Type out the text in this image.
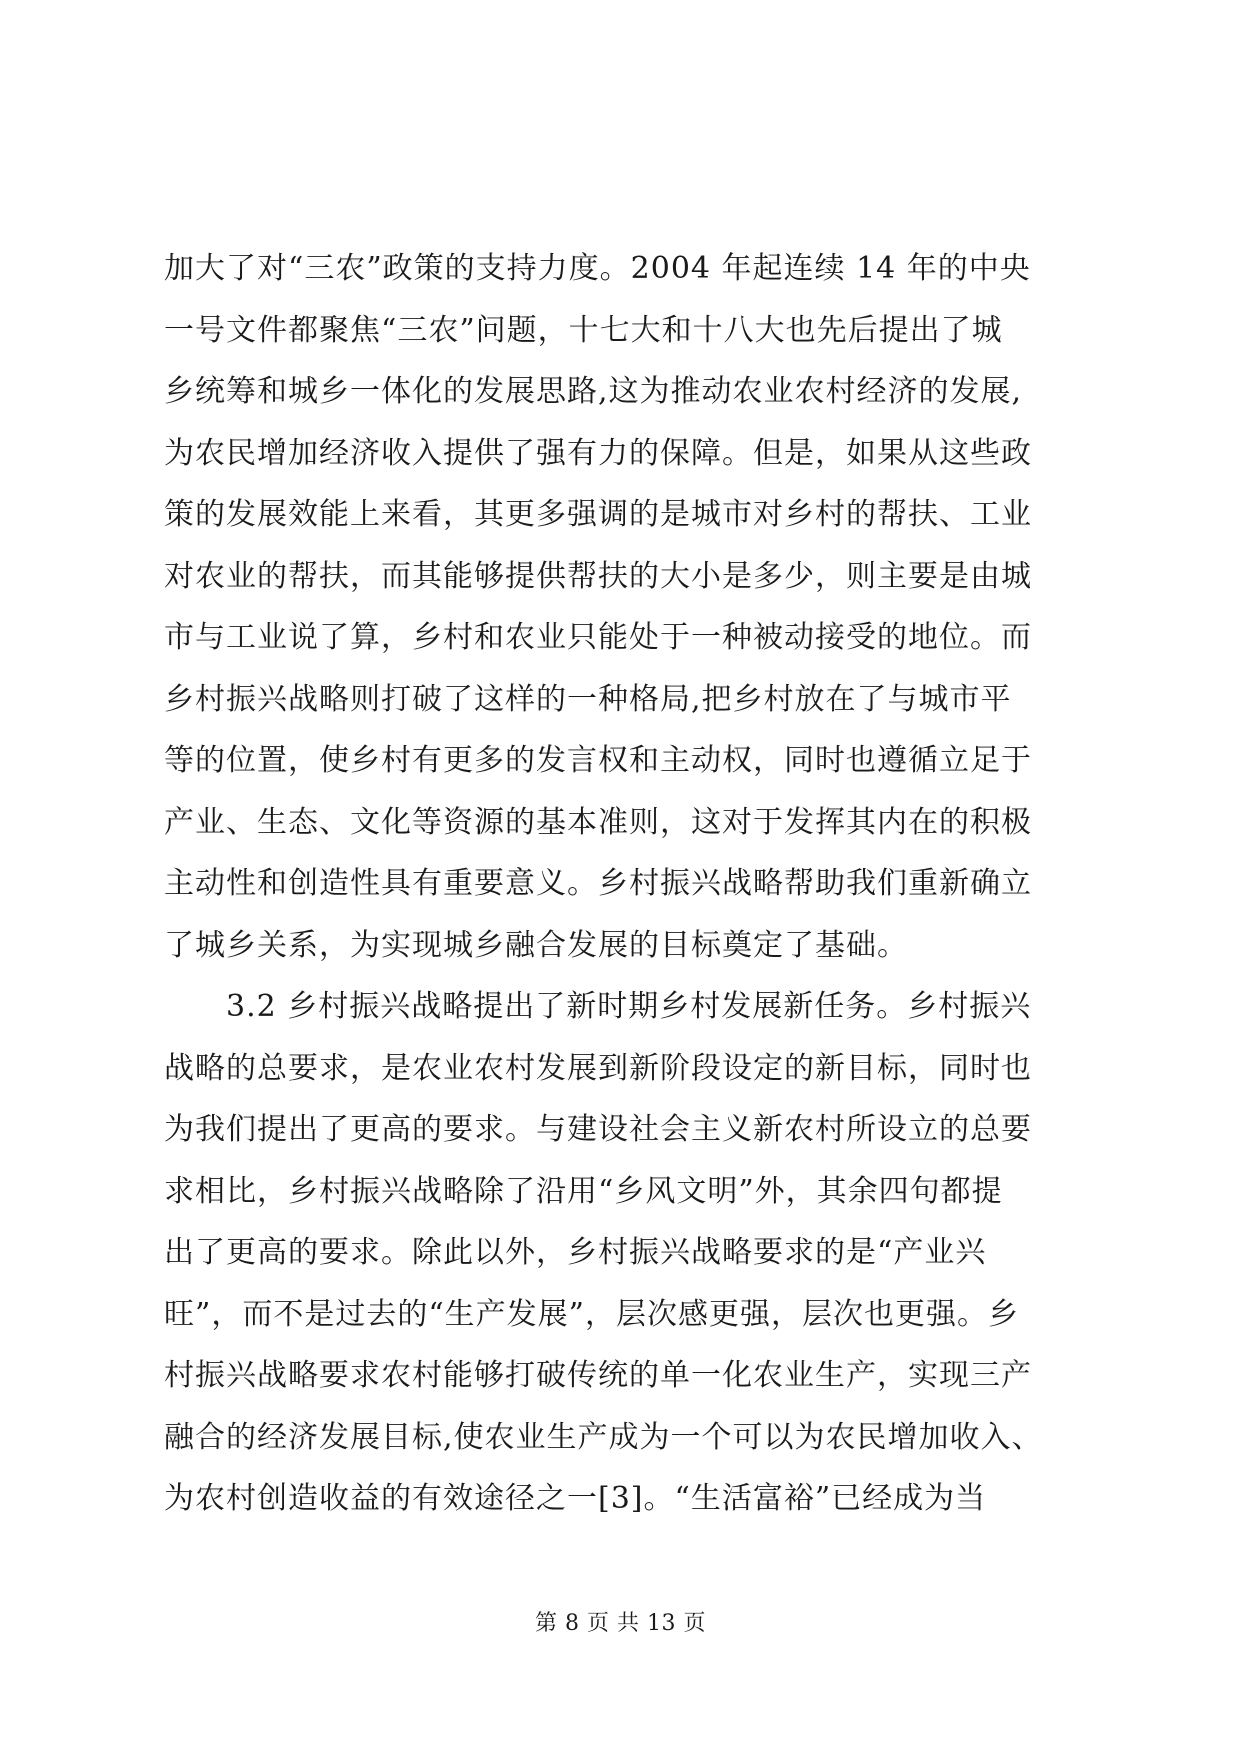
加大了对“三农”政策的支持力度。2004 年起连续 14 年的中央
一号文件都聚焦“三农”问题，十七大和十八大也先后提出了城
乡统筹和城乡一体化的发展思路,这为推动农业农村经济的发展,
为农民增加经济收入提供了强有力的保障。但是，如果从这些政
策的发展效能上来看，其更多强调的是城市对乡村的帮扶、工业
对农业的帮扶，而其能够提供帮扶的大小是多少，则主要是由城
市与工业说了算，乡村和农业只能处于一种被动接受的地位。而
乡村振兴战略则打破了这样的一种格局,把乡村放在了与城市平
等的位置，使乡村有更多的发言权和主动权，同时也遵循立足于
产业、生态、文化等资源的基本准则，这对于发挥其内在的积极
主动性和创造性具有重要意义。乡村振兴战略帮助我们重新确立
了城乡关系，为实现城乡融合发展的目标奠定了基础。
3.2 乡村振兴战略提出了新时期乡村发展新任务。乡村振兴
战略的总要求，是农业农村发展到新阶段设定的新目标，同时也
为我们提出了更高的要求。与建设社会主义新农村所设立的总要
求相比，乡村振兴战略除了沿用“乡风文明”外，其余四句都提
出了更高的要求。除此以外，乡村振兴战略要求的是“产业兴
旺”，而不是过去的“生产发展”，层次感更强，层次也更强。乡
村振兴战略要求农村能够打破传统的单一化农业生产，实现三产
融合的经济发展目标,使农业生产成为一个可以为农民增加收入、
为农村创造收益的有效途径之一[3]。“生活富裕”已经成为当
第 8 页 共 13 页
